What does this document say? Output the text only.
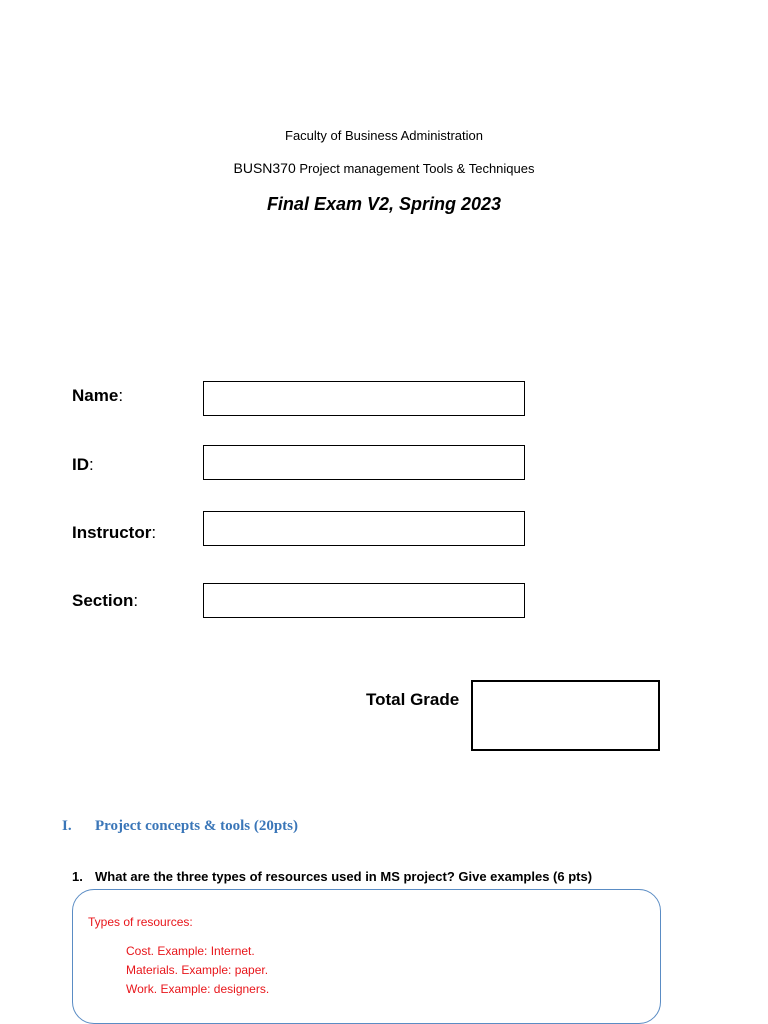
Faculty of Business Administration
BUSN370 Project management Tools & Techniques
Final Exam V2, Spring 2023
Name:
ID:
Instructor:
Section:
Total Grade
I. Project concepts & tools (20pts)
1. What are the three types of resources used in MS project? Give examples (6 pts)
Types of resources:
Cost. Example: Internet.
Materials. Example: paper.
Work. Example: designers.
